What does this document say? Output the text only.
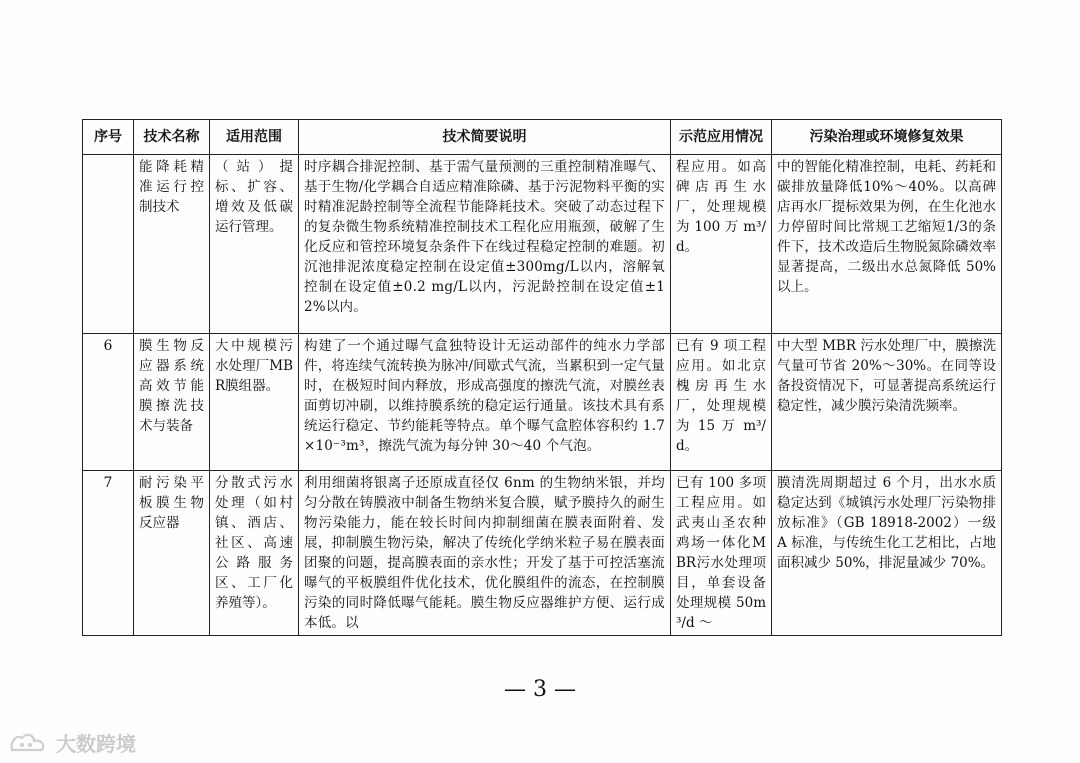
序号	技术名称	适用范围	技术简要说明	示范应用情况	污染治理或环境修复效果

	能降耗精准运行控制技术	（站）提标、扩容、增效及低碳运行管理。	时序耦合排泥控制、基于需气量预测的三重控制精准曝气、基于生物/化学耦合自适应精准除磷、基于污泥物料平衡的实时精准泥龄控制等全流程节能降耗技术。突破了动态过程下的复杂微生物系统精准控制技术工程化应用瓶颈，破解了生化反应和管控环境复杂条件下在线过程稳定控制的难题。初沉池排泥浓度稳定控制在设定值±300mg/L以内，溶解氧控制在设定值±0.2 mg/L以内，污泥龄控制在设定值±12%以内。	程应用。如高碑店再生水厂，处理规模为 100 万 m³/d。	中的智能化精准控制，电耗、药耗和碳排放量降低10%～40%。以高碑店再水厂提标效果为例，在生化池水力停留时间比常规工艺缩短1/3的条件下，技术改造后生物脱氮除磷效率显著提高，二级出水总氮降低 50% 以上。

6	膜生物反应器系统高效节能膜擦洗技术与装备	大中规模污水处理厂MBR膜组器。	构建了一个通过曝气盒独特设计无运动部件的纯水力学部件，将连续气流转换为脉冲/间歇式气流，当累积到一定气量时，在极短时间内释放，形成高强度的擦洗气流，对膜丝表面剪切冲刷，以维持膜系统的稳定运行通量。该技术具有系统运行稳定、节约能耗等特点。单个曝气盒腔体容积约 1.7×10⁻³m³，擦洗气流为每分钟 30～40 个气泡。	已有 9 项工程应用。如北京槐房再生水厂，处理规模为 15 万 m³/d。	中大型 MBR 污水处理厂中，膜擦洗气量可节省 20%～30%。在同等设备投资情况下，可显著提高系统运行稳定性，减少膜污染清洗频率。

7	耐污染平板膜生物反应器	分散式污水处理（如村镇、酒店、社区、高速公路服务区、工厂化养殖等）。	利用细菌将银离子还原成直径仅 6nm 的生物纳米银，并均匀分散在铸膜液中制备生物纳米复合膜，赋予膜持久的耐生物污染能力，能在较长时间内抑制细菌在膜表面附着、发展，抑制膜生物污染，解决了传统化学纳米粒子易在膜表面团聚的问题，提高膜表面的亲水性；开发了基于可控活塞流曝气的平板膜组件优化技术，优化膜组件的流态，在控制膜污染的同时降低曝气能耗。膜生物反应器维护方便、运行成本低。以	已有 100 多项工程应用。如武夷山圣农种鸡场一体化MBR污水处理项目，单套设备处理规模 50m³/d ～	膜清洗周期超过 6 个月，出水水质稳定达到《城镇污水处理厂污染物排放标准》（GB 18918-2002）一级 A 标准，与传统生化工艺相比，占地面积减少 50%，排泥量减少 70%。
— 3 —
大数跨境
